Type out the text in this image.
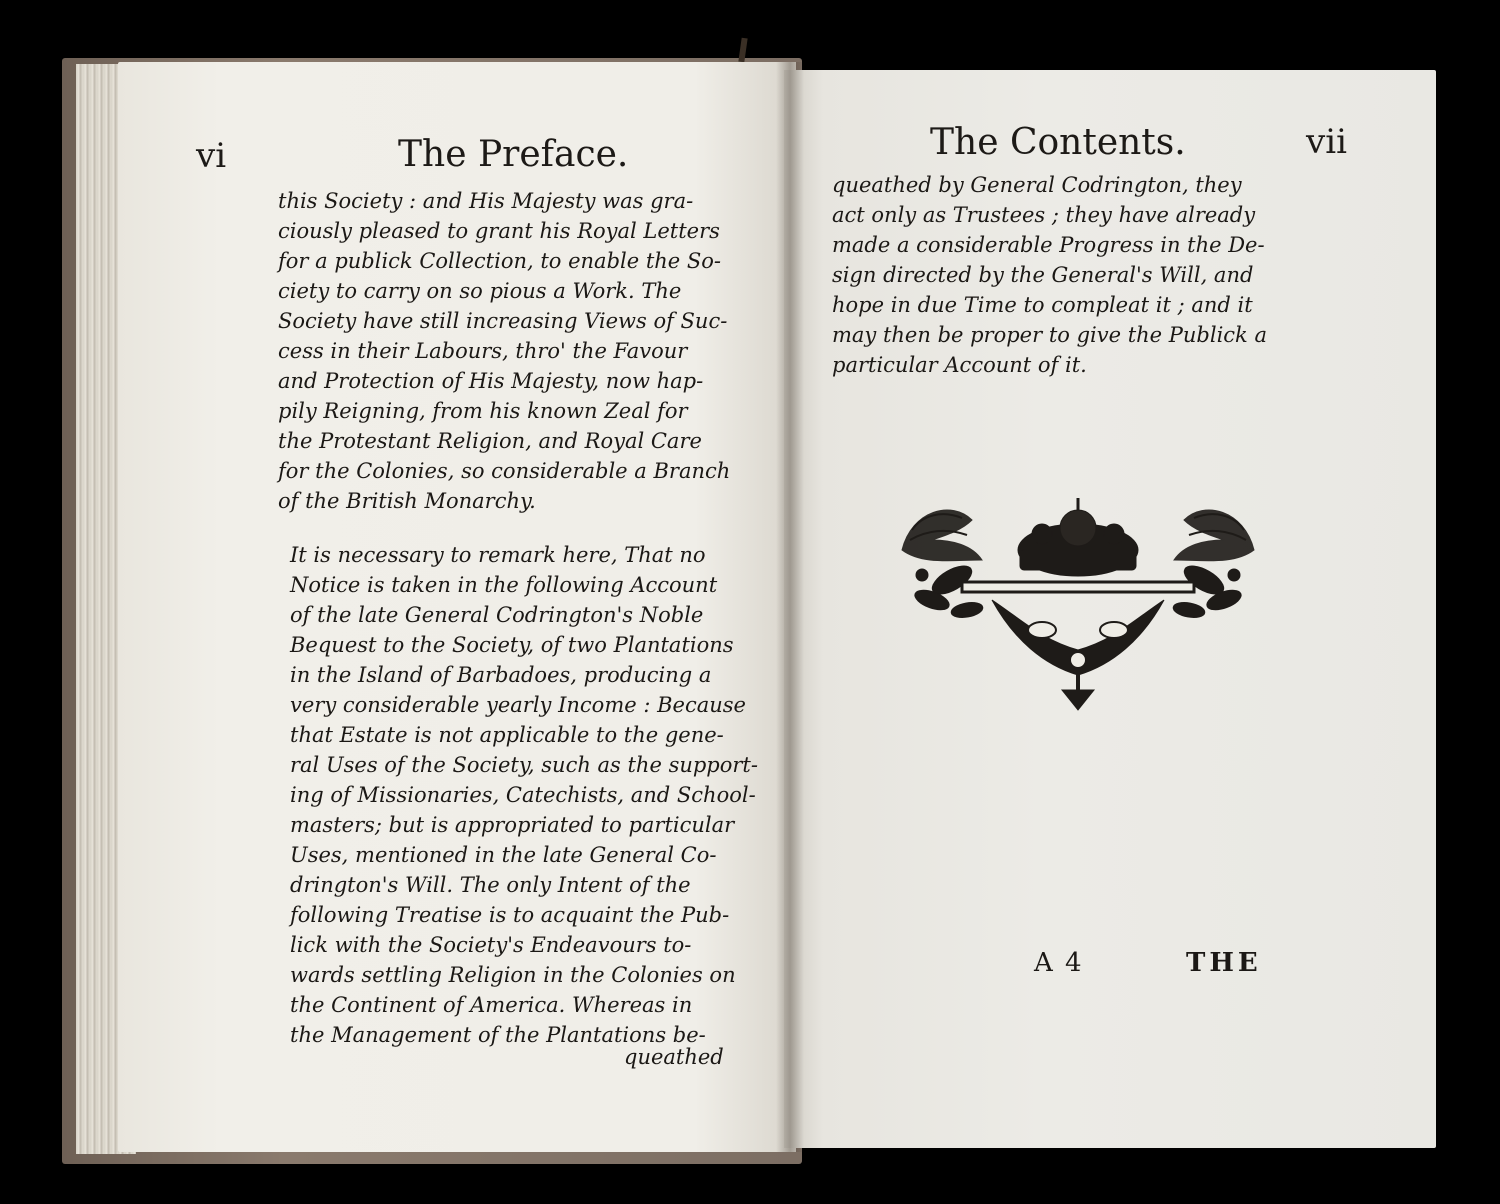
vi	The Preface.
this Society : and His Majesty was gra-
ciously pleased to grant his Royal Letters
for a publick Collection, to enable the So-
ciety to carry on so pious a Work. The
Society have still increasing Views of Suc-
cess in their Labours, thro' the Favour
and Protection of His Majesty, now hap-
pily Reigning, from his known Zeal for
the Protestant Religion, and Royal Care
for the Colonies, so considerable a Branch
of the British Monarchy.
It is necessary to remark here, That no
Notice is taken in the following Account
of the late General Codrington's Noble
Bequest to the Society, of two Plantations
in the Island of Barbadoes, producing a
very considerable yearly Income : Because
that Estate is not applicable to the gene-
ral Uses of the Society, such as the support-
ing of Missionaries, Catechists, and School-
masters; but is appropriated to particular
Uses, mentioned in the late General Co-
drington's Will. The only Intent of the
following Treatise is to acquaint the Pub-
lick with the Society's Endeavours to-
wards settling Religion in the Colonies on
the Continent of America. Whereas in
the Management of the Plantations be-
queathed
The Contents.	vii
queathed by General Codrington, they
act only as Trustees ; they have already
made a considerable Progress in the De-
sign directed by the General's Will, and
hope in due Time to compleat it ; and it
may then be proper to give the Publick a
particular Account of it.
A 4	THE
